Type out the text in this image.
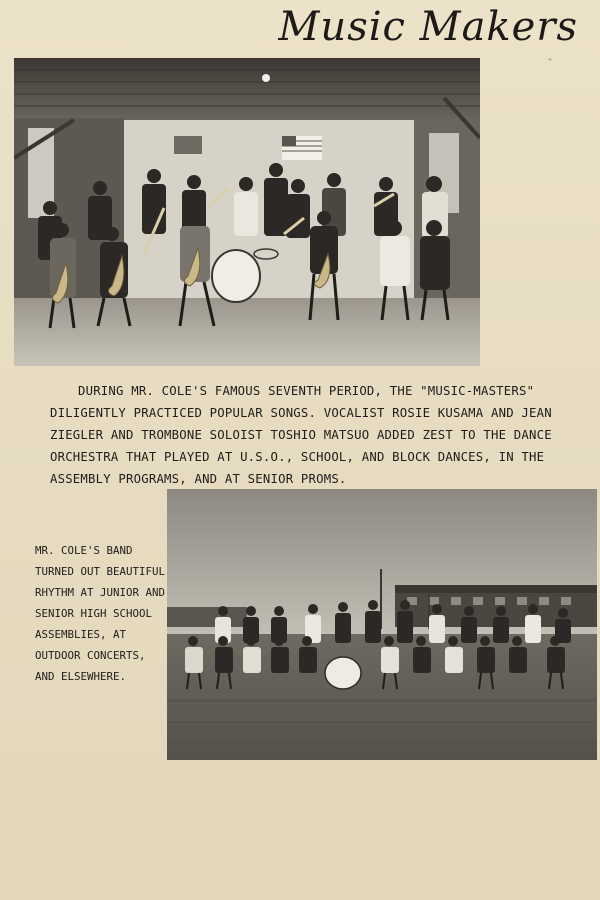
Music Makers
ˆ
DURING MR. COLE'S FAMOUS SEVENTH PERIOD, THE "MUSIC-MASTERS" DILIGENTLY PRACTICED POPULAR SONGS. VOCALIST ROSIE KUSAMA AND JEAN ZIEGLER AND TROMBONE SOLOIST TOSHIO MATSUO ADDED ZEST TO THE DANCE ORCHESTRA THAT PLAYED AT U.S.O., SCHOOL, AND BLOCK DANCES, IN THE ASSEMBLY PROGRAMS, AND AT SENIOR PROMS.
MR. COLE'S BAND TURNED OUT BEAUTIFUL RHYTHM AT JUNIOR AND SENIOR HIGH SCHOOL ASSEMBLIES, AT OUTDOOR CONCERTS, AND ELSEWHERE.
